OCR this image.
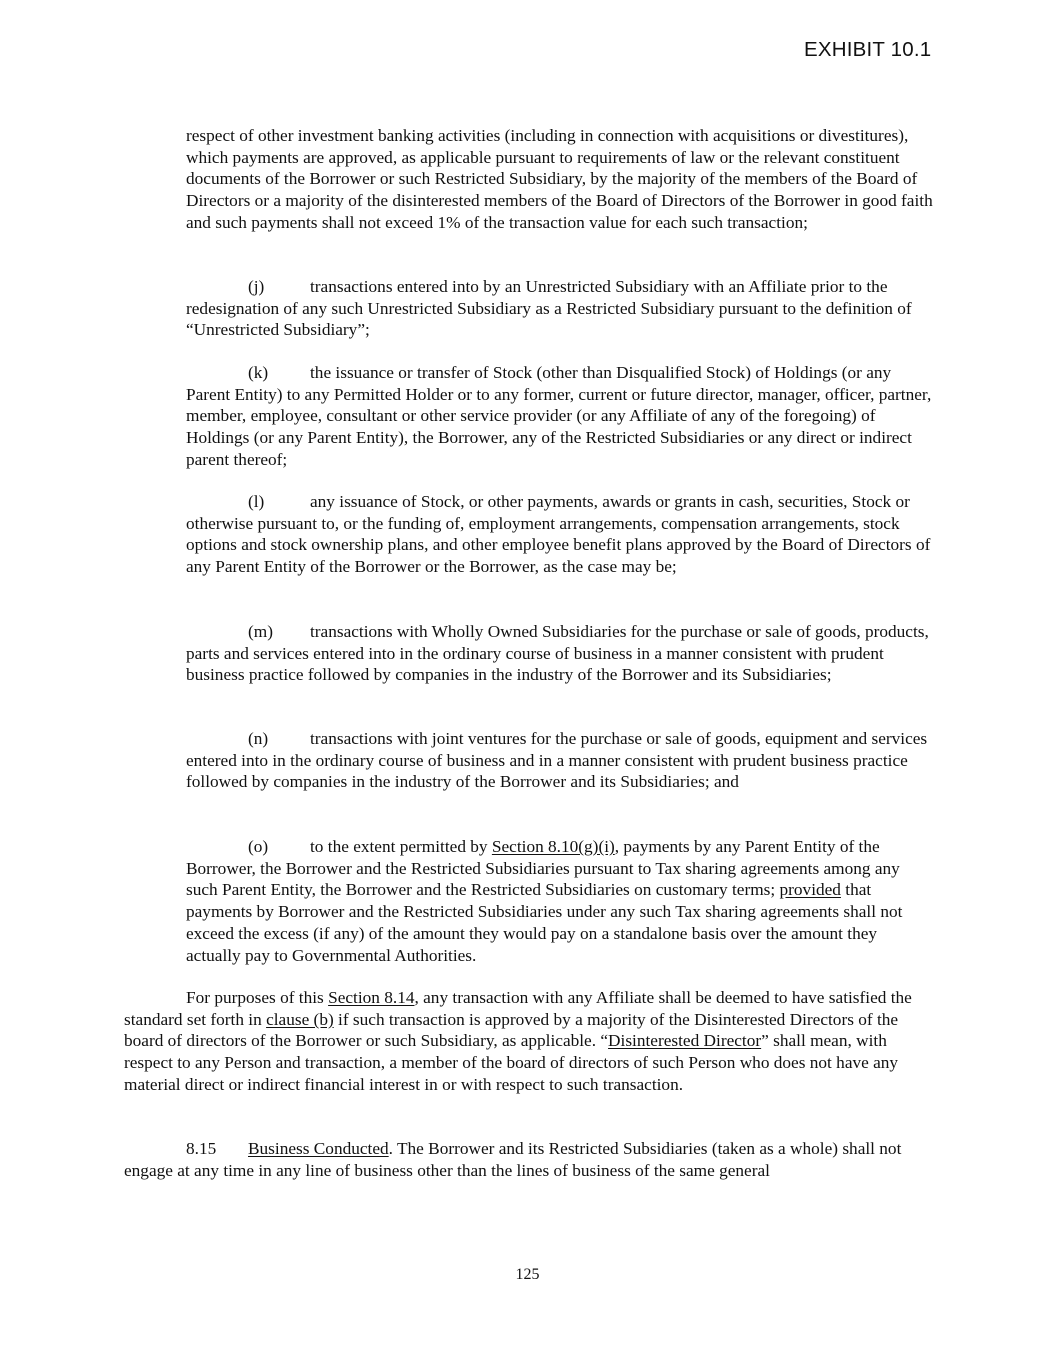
EXHIBIT 10.1

respect of other investment banking activities (including in connection with acquisitions or divestitures), which payments are approved, as applicable pursuant to requirements of law or the relevant constituent documents of the Borrower or such Restricted Subsidiary, by the majority of the members of the Board of Directors or a majority of the disinterested members of the Board of Directors of the Borrower in good faith and such payments shall not exceed 1% of the transaction value for each such transaction;

(j)	transactions entered into by an Unrestricted Subsidiary with an Affiliate prior to the redesignation of any such Unrestricted Subsidiary as a Restricted Subsidiary pursuant to the definition of “Unrestricted Subsidiary”;

(k) the issuance or transfer of Stock (other than Disqualified Stock) of Holdings (or any Parent Entity) to any Permitted Holder or to any former, current or future director, manager, officer, partner, member, employee, consultant or other service provider (or any Affiliate of any of the foregoing) of Holdings (or any Parent Entity), the Borrower, any of the Restricted Subsidiaries or any direct or indirect parent thereof;

(l)	any issuance of Stock, or other payments, awards or grants in cash, securities, Stock or otherwise pursuant to, or the funding of, employment arrangements, compensation arrangements, stock options and stock ownership plans, and other employee benefit plans approved by the Board of Directors of any Parent Entity of the Borrower or the Borrower, as the case may be;

(m) transactions with Wholly Owned Subsidiaries for the purchase or sale of goods, products, parts and services entered into in the ordinary course of business in a manner consistent with prudent business practice followed by companies in the industry of the Borrower and its Subsidiaries;

(n) transactions with joint ventures for the purchase or sale of goods, equipment and services entered into in the ordinary course of business and in a manner consistent with prudent business practice followed by companies in the industry of the Borrower and its Subsidiaries; and

(o) to the extent permitted by Section 8.10(g)(i), payments by any Parent Entity of the Borrower, the Borrower and the Restricted Subsidiaries pursuant to Tax sharing agreements among any such Parent Entity, the Borrower and the Restricted Subsidiaries on customary terms; provided that payments by Borrower and the Restricted Subsidiaries under any such Tax sharing agreements shall not exceed the excess (if any) of the amount they would pay on a standalone basis over the amount they actually pay to Governmental Authorities.

For purposes of this Section 8.14, any transaction with any Affiliate shall be deemed to have satisfied the standard set forth in clause (b) if such transaction is approved by a majority of the Disinterested Directors of the board of directors of the Borrower or such Subsidiary, as applicable. “Disinterested Director” shall mean, with respect to any Person and transaction, a member of the board of directors of such Person who does not have any material direct or indirect financial interest in or with respect to such transaction.

8.15 Business Conducted. The Borrower and its Restricted Subsidiaries (taken as a whole) shall not engage at any time in any line of business other than the lines of business of the same general

125
